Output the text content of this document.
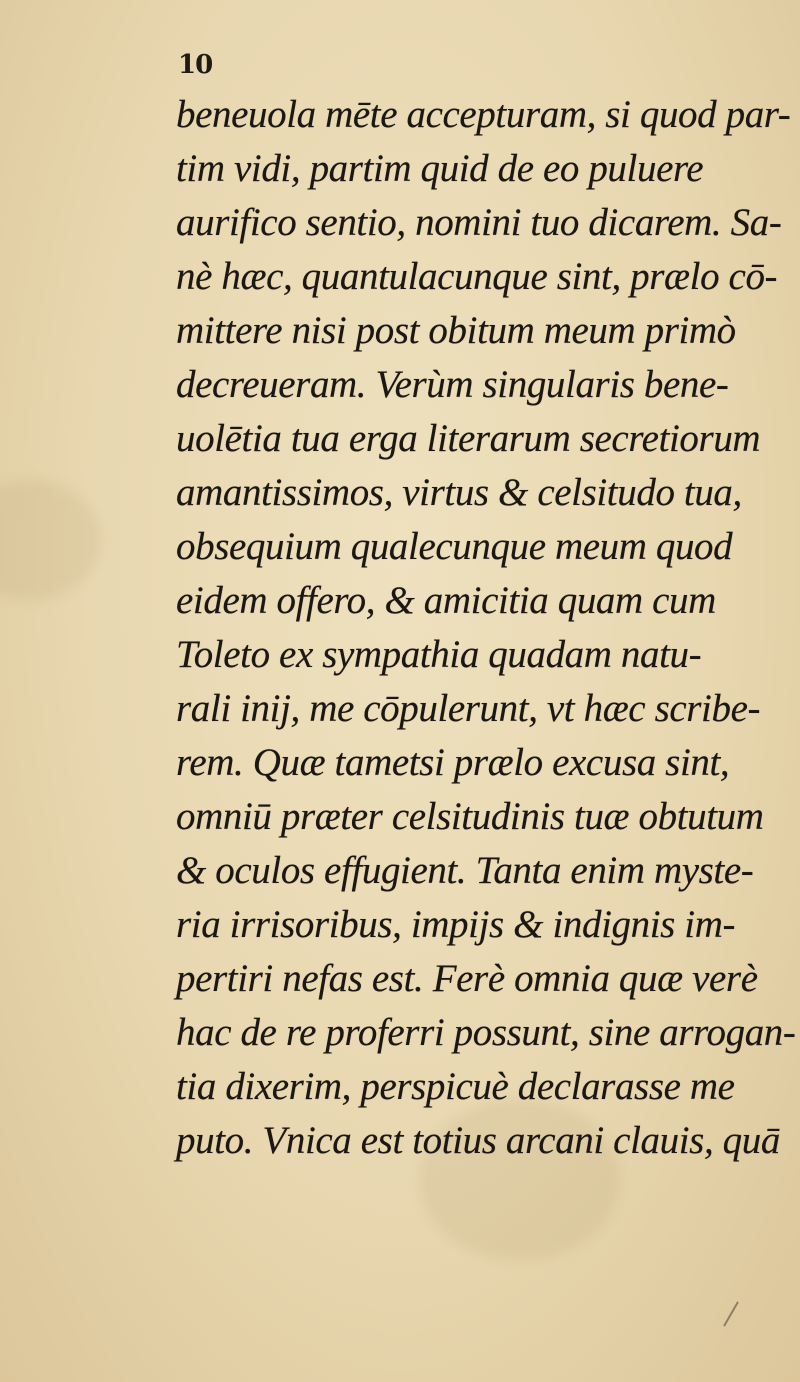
10
beneuola mēte accepturam, si quod par-
tim vidi, partim quid de eo puluere
aurifico sentio, nomini tuo dicarem. Sa-
nè hæc, quantulacunque sint, prælo cō-
mittere nisi post obitum meum primò
decreueram. Verùm singularis bene-
uolētia tua erga literarum secretiorum
amantissimos, virtus & celsitudo tua,
obsequium qualecunque meum quod
eidem offero, & amicitia quam cum
Toleto ex sympathia quadam natu-
rali inij, me cōpulerunt, vt hæc scribe-
rem. Quæ tametsi prælo excusa sint,
omniū præter celsitudinis tuæ obtutum
& oculos effugient. Tanta enim myste-
ria irrisoribus, impijs & indignis im-
pertiri nefas est. Ferè omnia quæ verè
hac de re proferri possunt, sine arrogan-
tia dixerim, perspicuè declarasse me
puto. Vnica est totius arcani clauis, quā
